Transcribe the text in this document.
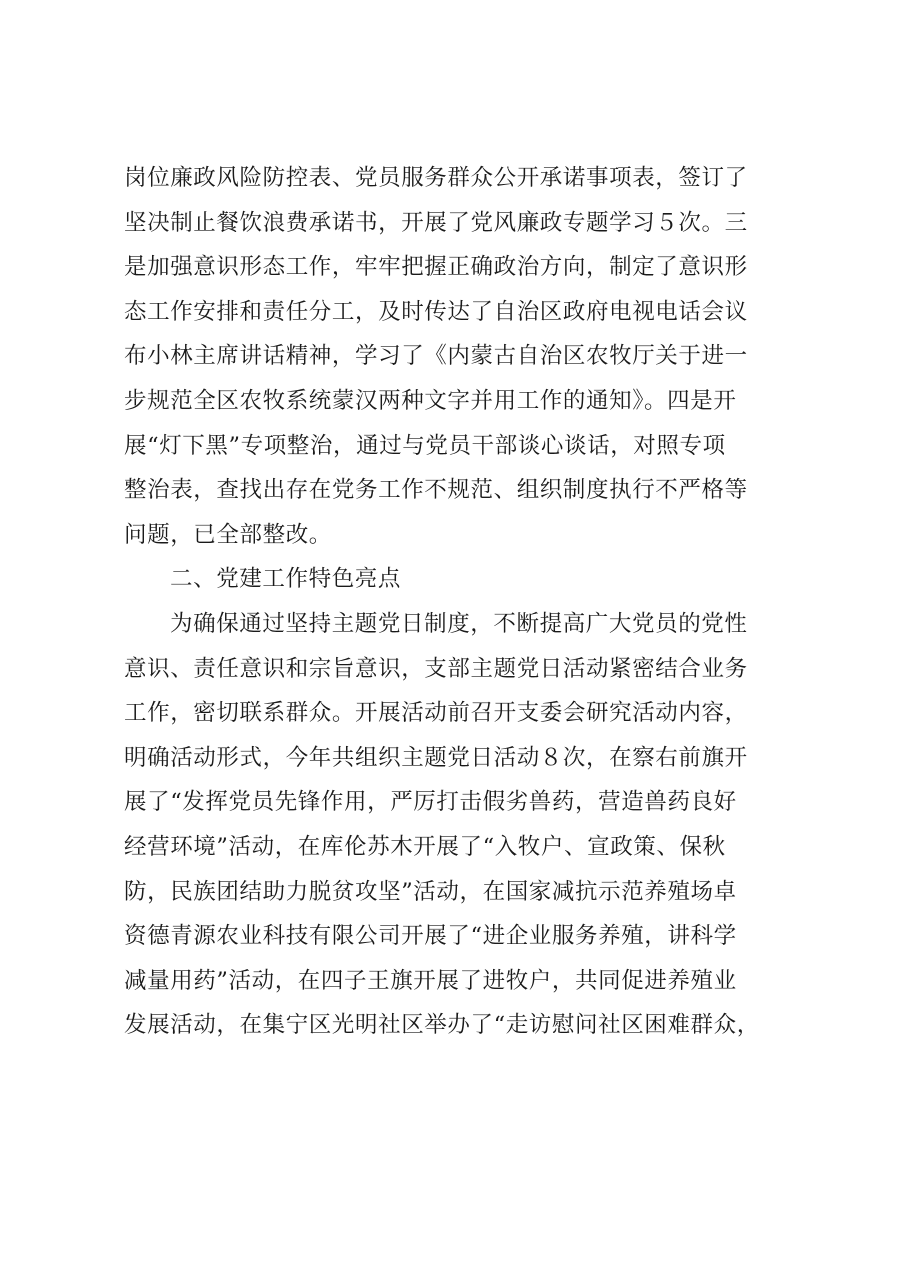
岗位廉政风险防控表、党员服务群众公开承诺事项表，签订了
坚决制止餐饮浪费承诺书，开展了党风廉政专题学习５次。三
是加强意识形态工作，牢牢把握正确政治方向，制定了意识形
态工作安排和责任分工，及时传达了自治区政府电视电话会议
布小林主席讲话精神，学习了《内蒙古自治区农牧厅关于进一
步规范全区农牧系统蒙汉两种文字并用工作的通知》。四是开
展“灯下黑”专项整治，通过与党员干部谈心谈话，对照专项
整治表，查找出存在党务工作不规范、组织制度执行不严格等
问题，已全部整改。
二、党建工作特色亮点
为确保通过坚持主题党日制度，不断提高广大党员的党性
意识、责任意识和宗旨意识，支部主题党日活动紧密结合业务
工作，密切联系群众。开展活动前召开支委会研究活动内容，
明确活动形式，今年共组织主题党日活动８次，在察右前旗开
展了“发挥党员先锋作用，严厉打击假劣兽药，营造兽药良好
经营环境”活动，在库伦苏木开展了“入牧户、宣政策、保秋
防，民族团结助力脱贫攻坚”活动，在国家减抗示范养殖场卓
资德青源农业科技有限公司开展了“进企业服务养殖，讲科学
减量用药”活动，在四子王旗开展了进牧户，共同促进养殖业
发展活动，在集宁区光明社区举办了“走访慰问社区困难群众，
